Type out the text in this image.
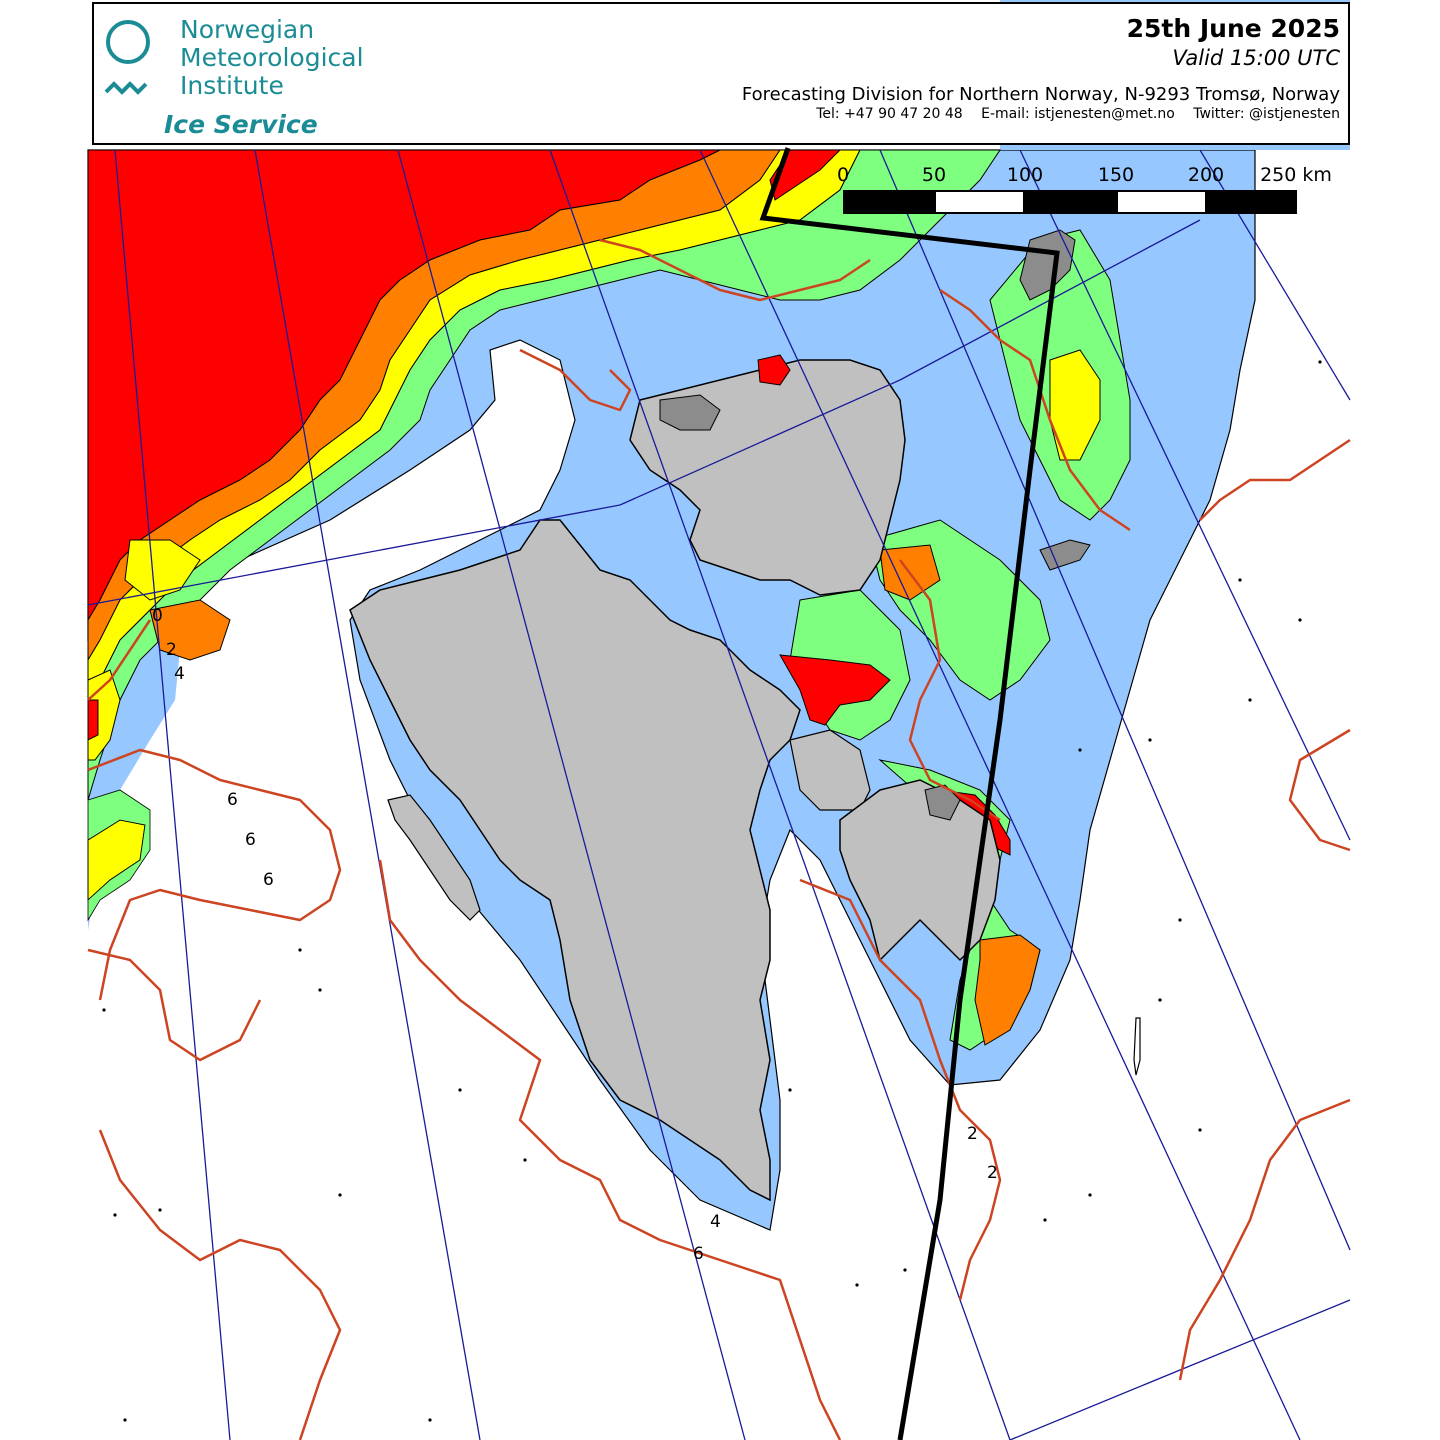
Norwegian
Meteorological
Institute
Ice Service
25th June 2025
Valid 15:00 UTC
Forecasting Division for Northern Norway, N-9293 Tromsø, Norway
Tel: +47 90 47 20 48 E-mail: istjenesten@met.no Twitter: @istjenesten
0	50	100	150	200 250 km
0
2
4
6
6
6
2
2
4
6
